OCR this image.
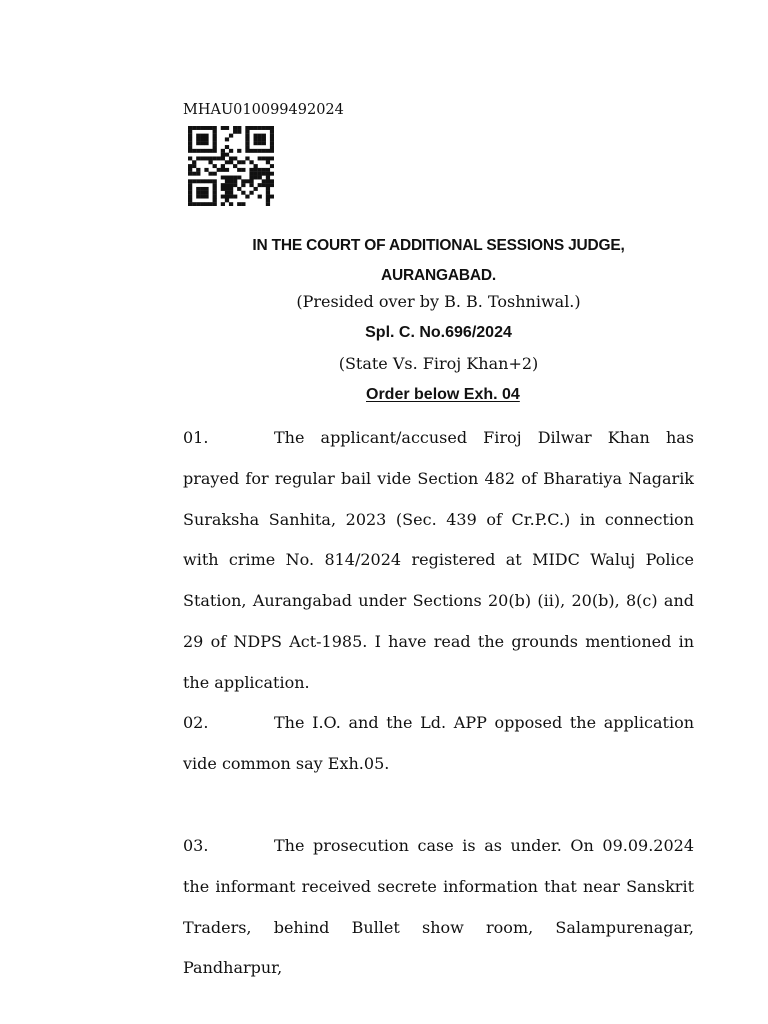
MHAU010099492024
IN THE COURT OF ADDITIONAL SESSIONS JUDGE,
AURANGABAD.
(Presided over by B. B. Toshniwal.)
Spl. C. No.696/2024
(State Vs. Firoj Khan+2)
Order below Exh. 04

01.	The applicant/accused Firoj Dilwar Khan has prayed for regular bail vide Section 482 of Bharatiya Nagarik Suraksha Sanhita, 2023 (Sec. 439 of Cr.P.C.) in connection with crime No. 814/2024 registered at MIDC Waluj Police Station, Aurangabad under Sections 20(b) (ii), 20(b), 8(c) and 29 of NDPS Act-1985. I have read the grounds mentioned in the application.

02.	The I.O. and the Ld. APP opposed the application vide common say Exh.05.

03.	The prosecution case is as under. On 09.09.2024 the informant received secrete information that near Sanskrit Traders, behind Bullet show room, Salampurenagar, Pandharpur,
